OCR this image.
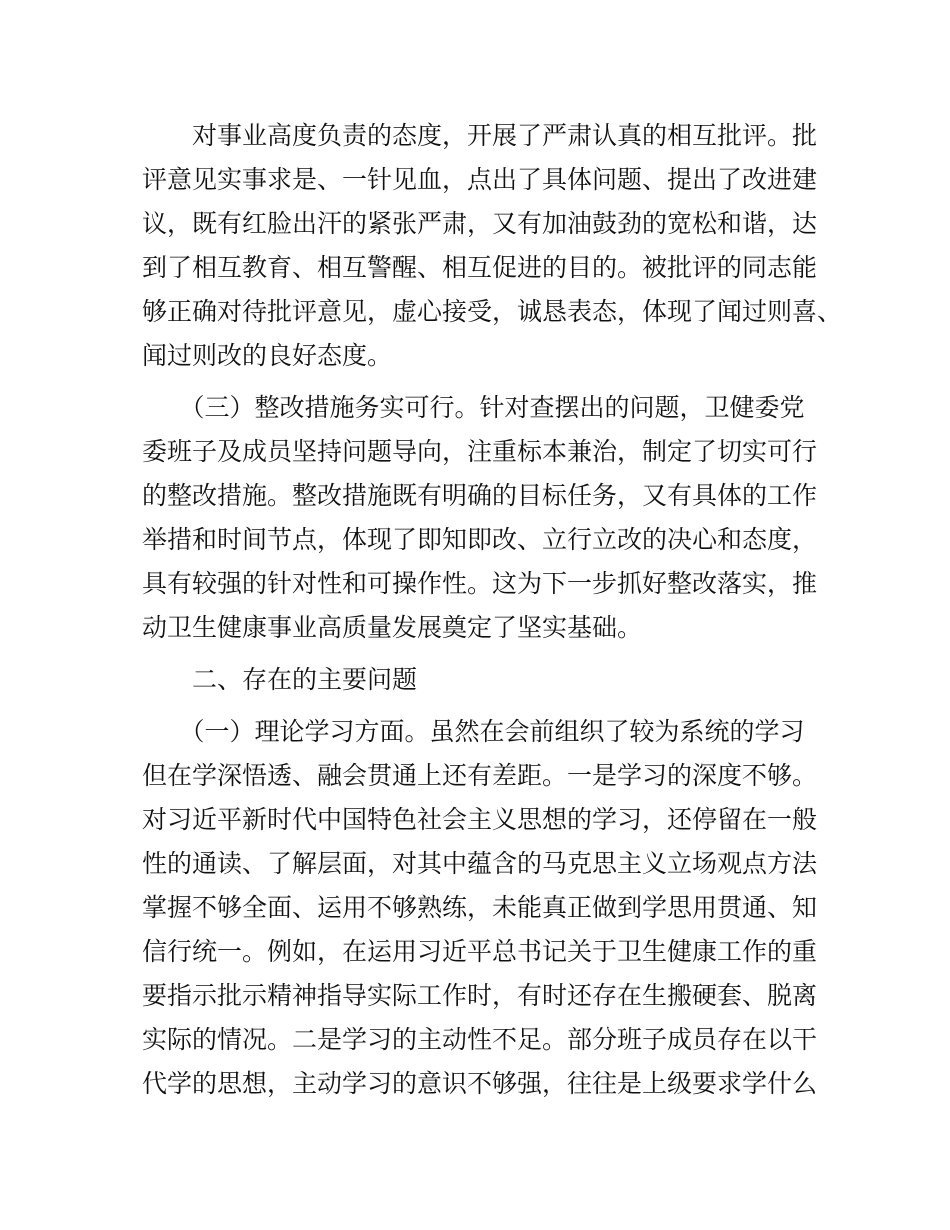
　　对事业高度负责的态度，开展了严肃认真的相互批评。批

评意见实事求是、一针见血，点出了具体问题、提出了改进建

议，既有红脸出汗的紧张严肃，又有加油鼓劲的宽松和谐，达

到了相互教育、相互警醒、相互促进的目的。被批评的同志能

够正确对待批评意见，虚心接受，诚恳表态，体现了闻过则喜、

闻过则改的良好态度。

　　（三）整改措施务实可行。针对查摆出的问题，卫健委党

委班子及成员坚持问题导向，注重标本兼治，制定了切实可行

的整改措施。整改措施既有明确的目标任务，又有具体的工作

举措和时间节点，体现了即知即改、立行立改的决心和态度，

具有较强的针对性和可操作性。这为下一步抓好整改落实，推

动卫生健康事业高质量发展奠定了坚实基础。

　　二、存在的主要问题

　　（一）理论学习方面。虽然在会前组织了较为系统的学习

但在学深悟透、融会贯通上还有差距。一是学习的深度不够。

对习近平新时代中国特色社会主义思想的学习，还停留在一般

性的通读、了解层面，对其中蕴含的马克思主义立场观点方法

掌握不够全面、运用不够熟练，未能真正做到学思用贯通、知

信行统一。例如，在运用习近平总书记关于卫生健康工作的重

要指示批示精神指导实际工作时，有时还存在生搬硬套、脱离

实际的情况。二是学习的主动性不足。部分班子成员存在以干

代学的思想，主动学习的意识不够强，往往是上级要求学什么
